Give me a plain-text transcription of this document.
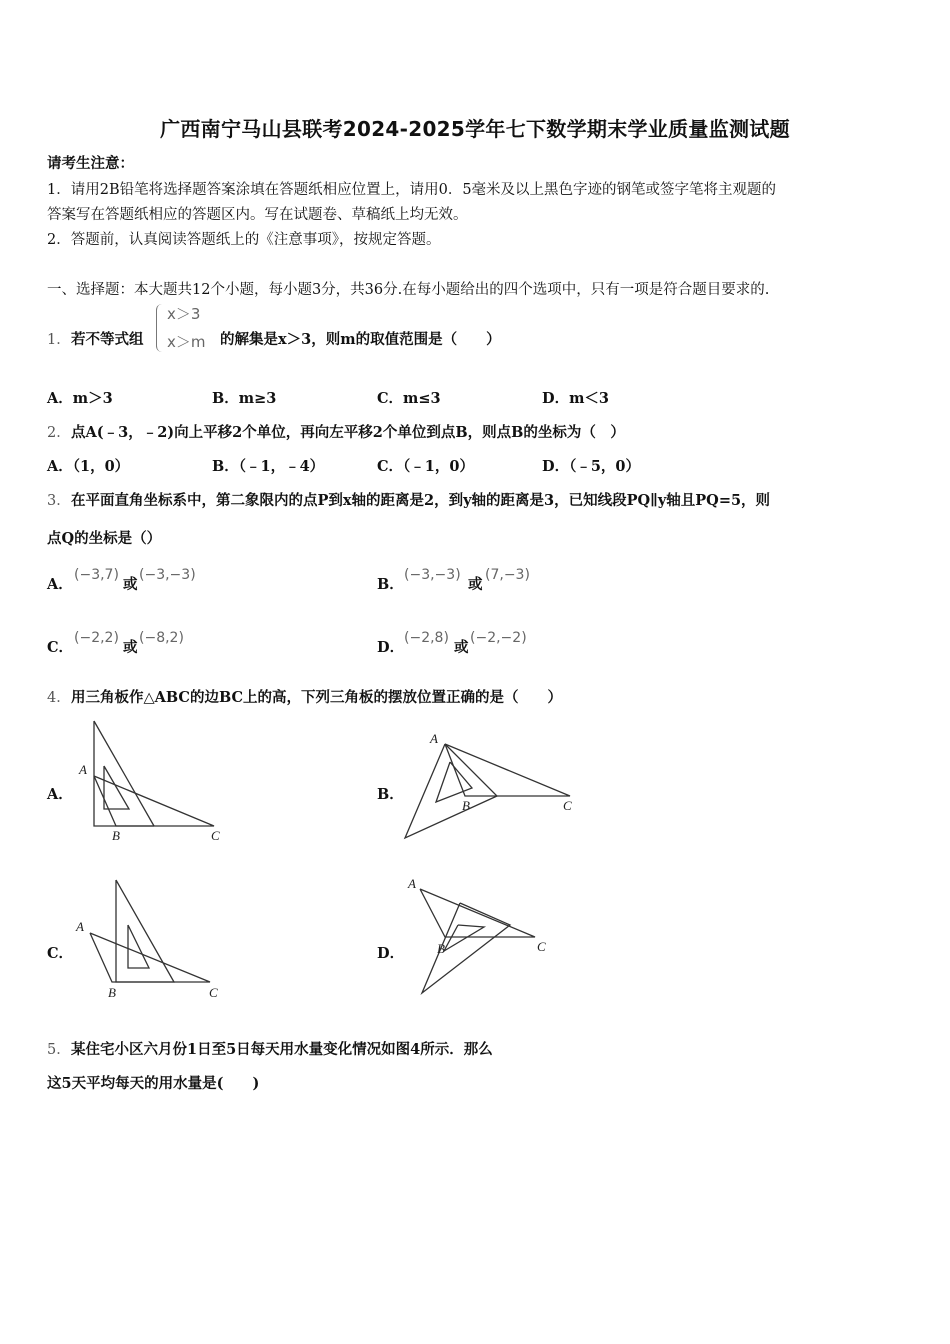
广西南宁马山县联考2024-2025学年七下数学期末学业质量监测试题
请考生注意：
1．请用2B铅笔将选择题答案涂填在答题纸相应位置上，请用0．5毫米及以上黑色字迹的钢笔或签字笔将主观题的
答案写在答题纸相应的答题区内。写在试题卷、草稿纸上均无效。
2．答题前，认真阅读答题纸上的《注意事项》，按规定答题。
一、选择题：本大题共12个小题，每小题3分，共36分.在每小题给出的四个选项中，只有一项是符合题目要求的.
1． 若不等式组
x＞3
x＞m 的解集是x＞3，则m的取值范围是（　　）
A．m＞3	B．m≥3	C．m≤3	D．m＜3
2． 点A(﹣3，﹣2)向上平移2个单位，再向左平移2个单位到点B，则点B的坐标为（　）
A．（1，0）	B．（﹣1，﹣4）	C．（﹣1，0）	D．（﹣5，0）
3． 在平面直角坐标系中，第二象限内的点P到x轴的距离是2，到y轴的距离是3，已知线段PQ∥y轴且PQ=5，则
点Q的坐标是（）
A．
(−3,7)
或
(−3,−3)
B．
(−3,−3)
或
(7,−3)
C．
(−2,2)
或
(−8,2)
D．
(−2,8)
或
(−2,−2)
4． 用三角板作△ABC的边BC上的高，下列三角板的摆放位置正确的是（　　）
A．	B．
C．	D．
A
B	C
A
B	C
A
B	C
A
B	C
5． 某住宅小区六月份1日至5日每天用水量变化情况如图4所示．那么
这5天平均每天的用水量是(　　)
